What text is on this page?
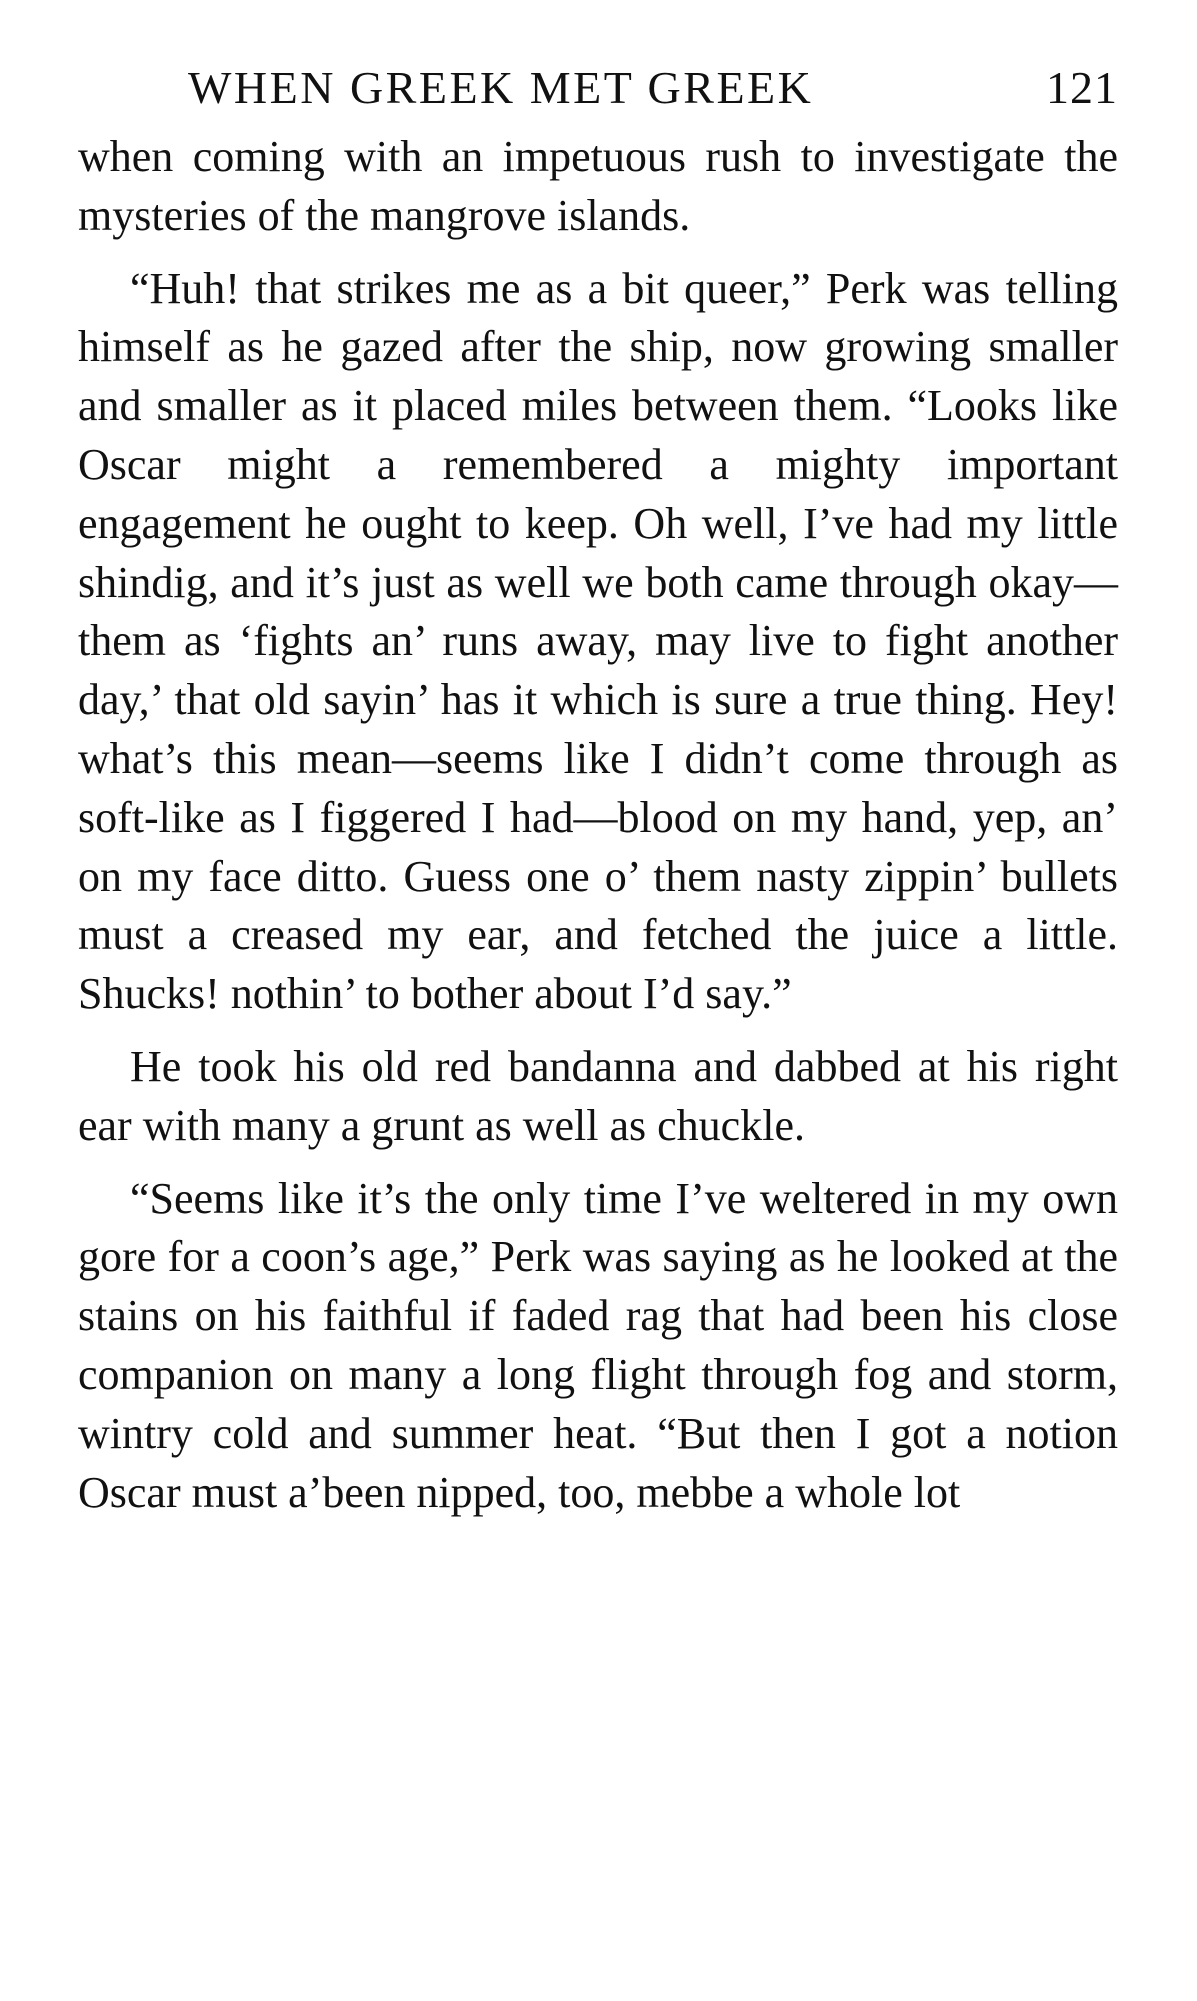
WHEN GREEK MET GREEK	121

when coming with an impetuous rush to investigate the mysteries of the mangrove islands.

“Huh! that strikes me as a bit queer,” Perk was telling himself as he gazed after the ship, now growing smaller and smaller as it placed miles between them. “Looks like Oscar might a remembered a mighty important engagement he ought to keep. Oh well, I’ve had my little shindig, and it’s just as well we both came through okay—them as ‘fights an’ runs away, may live to fight another day,’ that old sayin’ has it which is sure a true thing. Hey! what’s this mean—seems like I didn’t come through as soft-like as I figgered I had—blood on my hand, yep, an’ on my face ditto. Guess one o’ them nasty zippin’ bullets must a creased my ear, and fetched the juice a little. Shucks! nothin’ to bother about I’d say.”

He took his old red bandanna and dabbed at his right ear with many a grunt as well as chuckle.

“Seems like it’s the only time I’ve weltered in my own gore for a coon’s age,” Perk was saying as he looked at the stains on his faithful if faded rag that had been his close companion on many a long flight through fog and storm, wintry cold and summer heat. “But then I got a notion Oscar must a’been nipped, too, mebbe a whole lot
